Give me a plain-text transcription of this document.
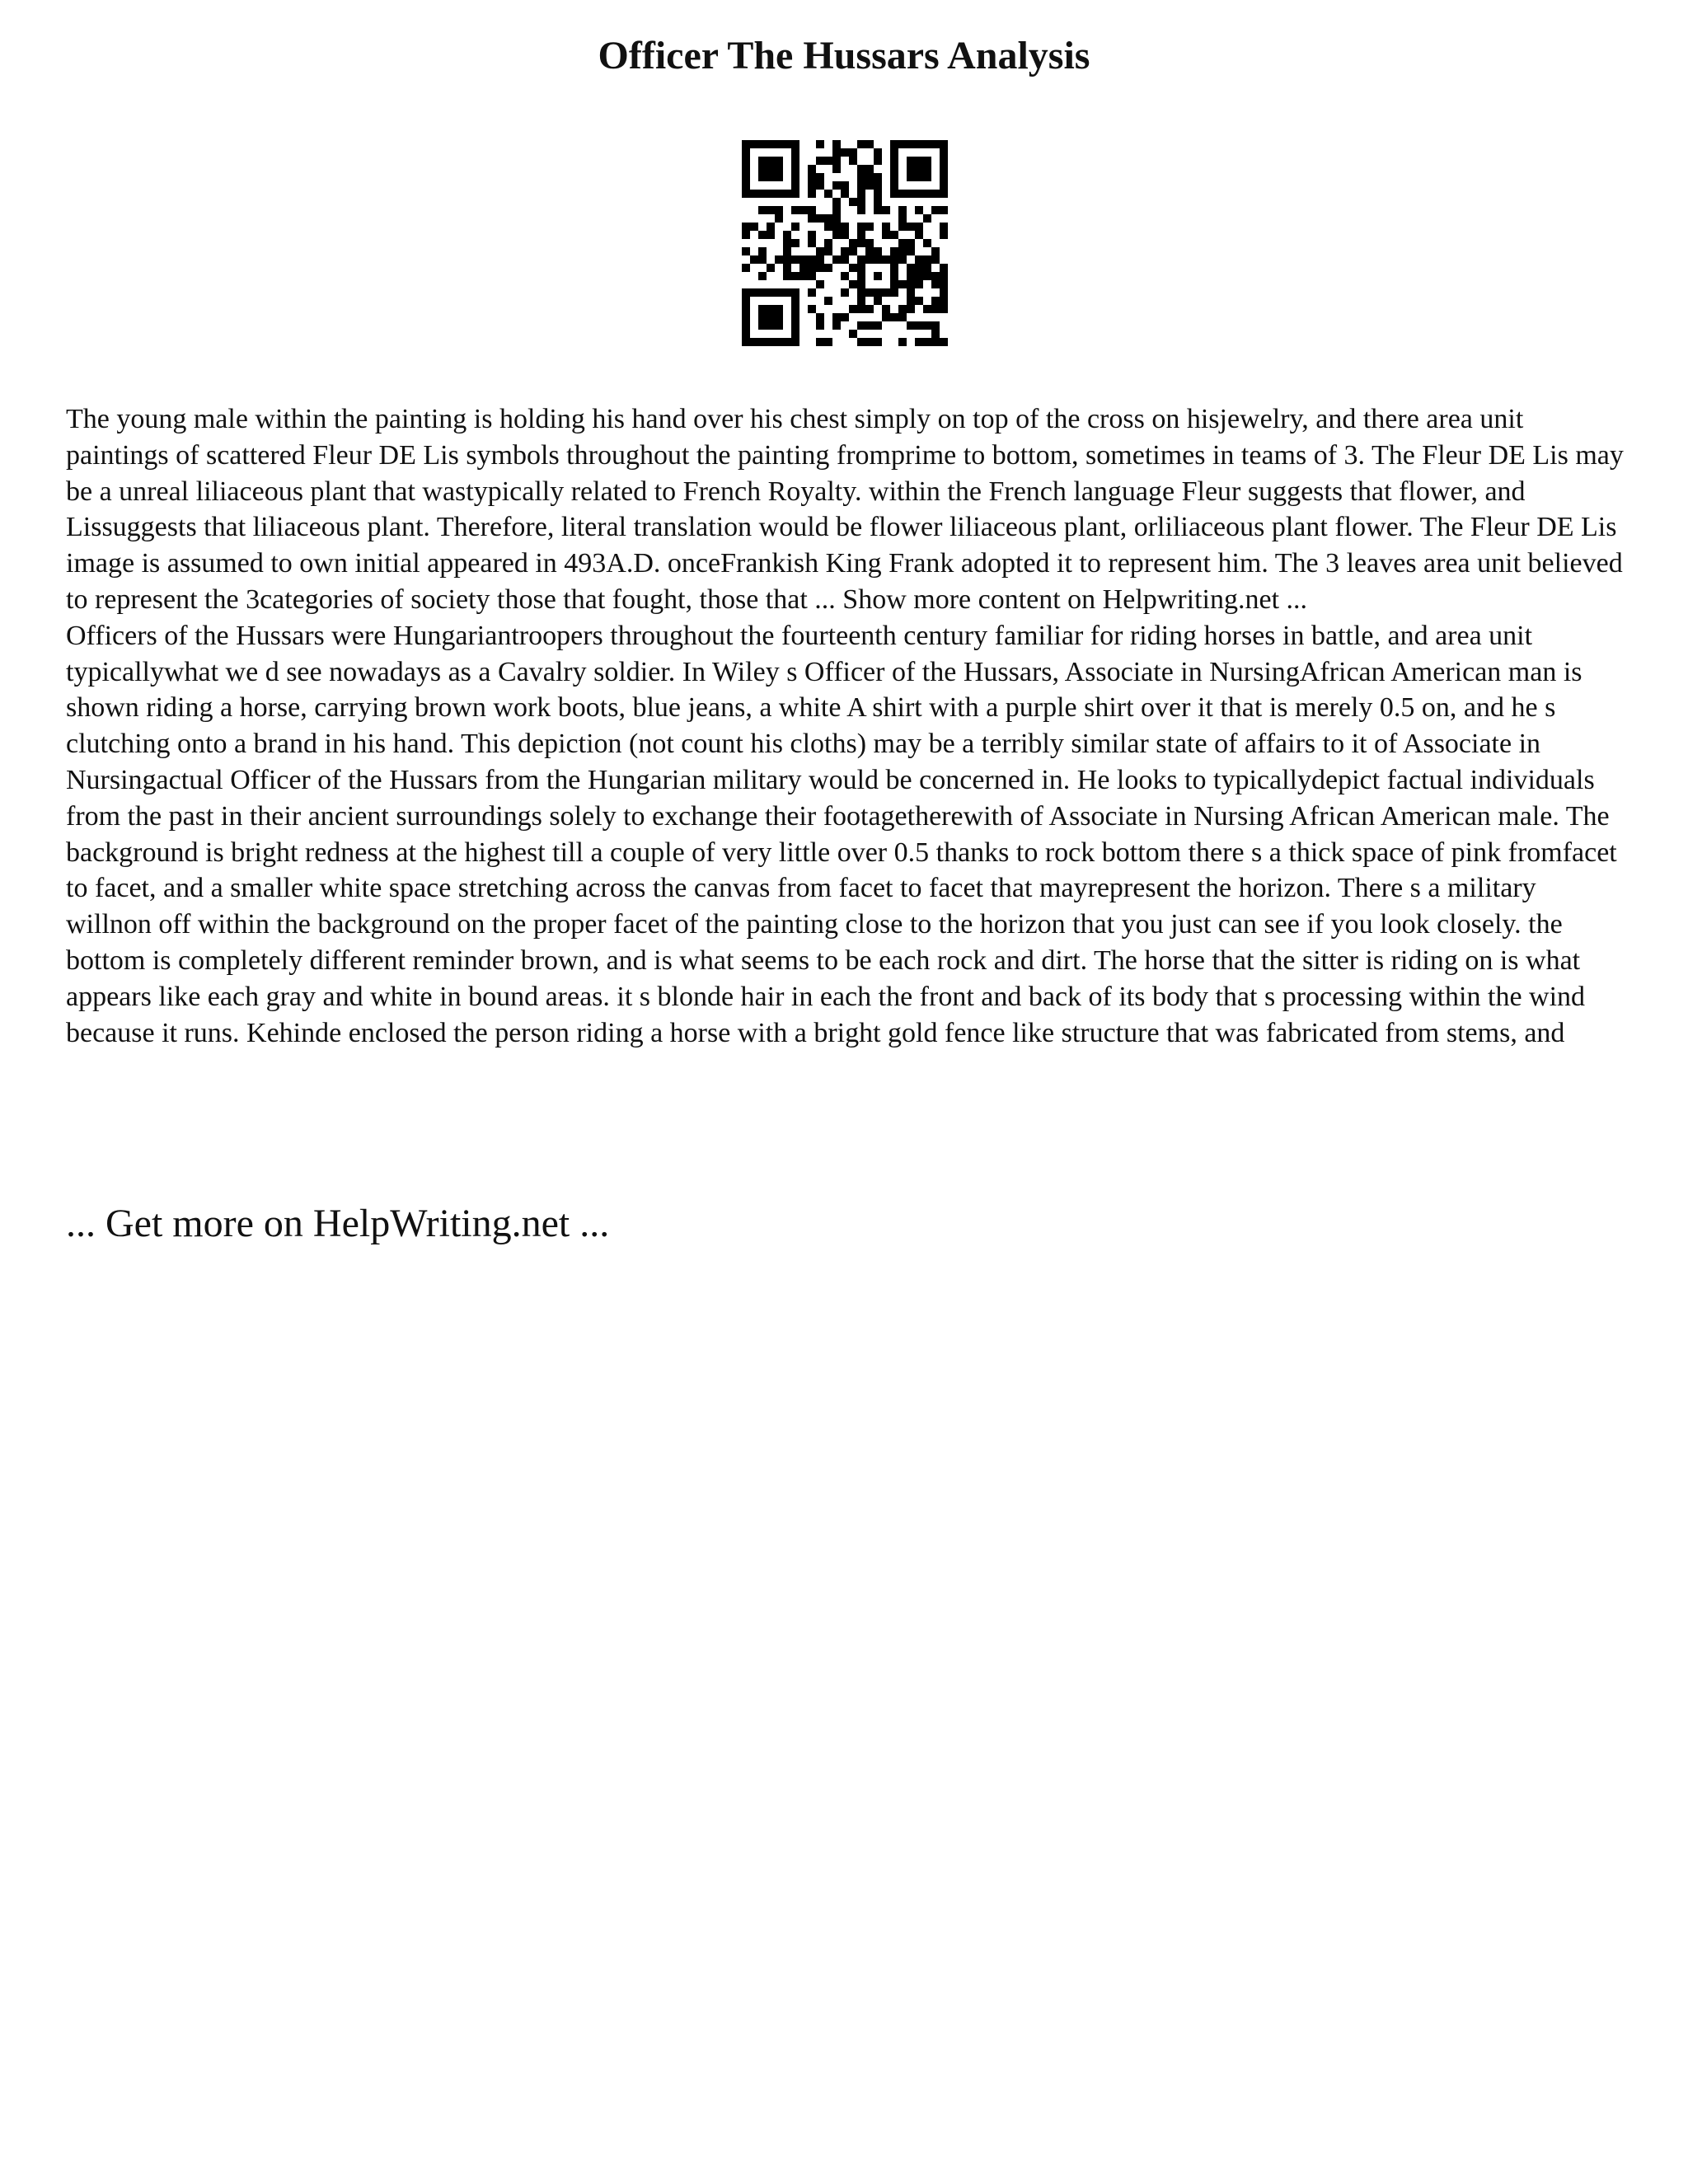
Officer The Hussars Analysis

The young male within the painting is holding his hand over his chest simply on top of the cross on hisjewelry, and there area unit paintings of scattered Fleur DE Lis symbols throughout the painting fromprime to bottom, sometimes in teams of 3. The Fleur DE Lis may be a unreal liliaceous plant that wastypically related to French Royalty. within the French language Fleur suggests that flower, and Lissuggests that liliaceous plant. Therefore, literal translation would be flower liliaceous plant, orliliaceous plant flower. The Fleur DE Lis image is assumed to own initial appeared in 493A.D. onceFrankish King Frank adopted it to represent him. The 3 leaves area unit believed to represent the 3categories of society those that fought, those that ... Show more content on Helpwriting.net ...

Officers of the Hussars were Hungariantroopers throughout the fourteenth century familiar for riding horses in battle, and area unit typicallywhat we d see nowadays as a Cavalry soldier. In Wiley s Officer of the Hussars, Associate in NursingAfrican American man is shown riding a horse, carrying brown work boots, blue jeans, a white A shirt with a purple shirt over it that is merely 0.5 on, and he s clutching onto a brand in his hand. This depiction (not count his cloths) may be a terribly similar state of affairs to it of Associate in Nursingactual Officer of the Hussars from the Hungarian military would be concerned in. He looks to typicallydepict factual individuals from the past in their ancient surroundings solely to exchange their footagetherewith of Associate in Nursing African American male. The background is bright redness at the highest till a couple of very little over 0.5 thanks to rock bottom there s a thick space of pink fromfacet to facet, and a smaller white space stretching across the canvas from facet to facet that mayrepresent the horizon. There s a military willnon off within the background on the proper facet of the painting close to the horizon that you just can see if you look closely. the bottom is completely different reminder brown, and is what seems to be each rock and dirt. The horse that the sitter is riding on is what appears like each gray and white in bound areas. it s blonde hair in each the front and back of its body that s processing within the wind because it runs. Kehinde enclosed the person riding a horse with a bright gold fence like structure that was fabricated from stems, and

... Get more on HelpWriting.net ...
